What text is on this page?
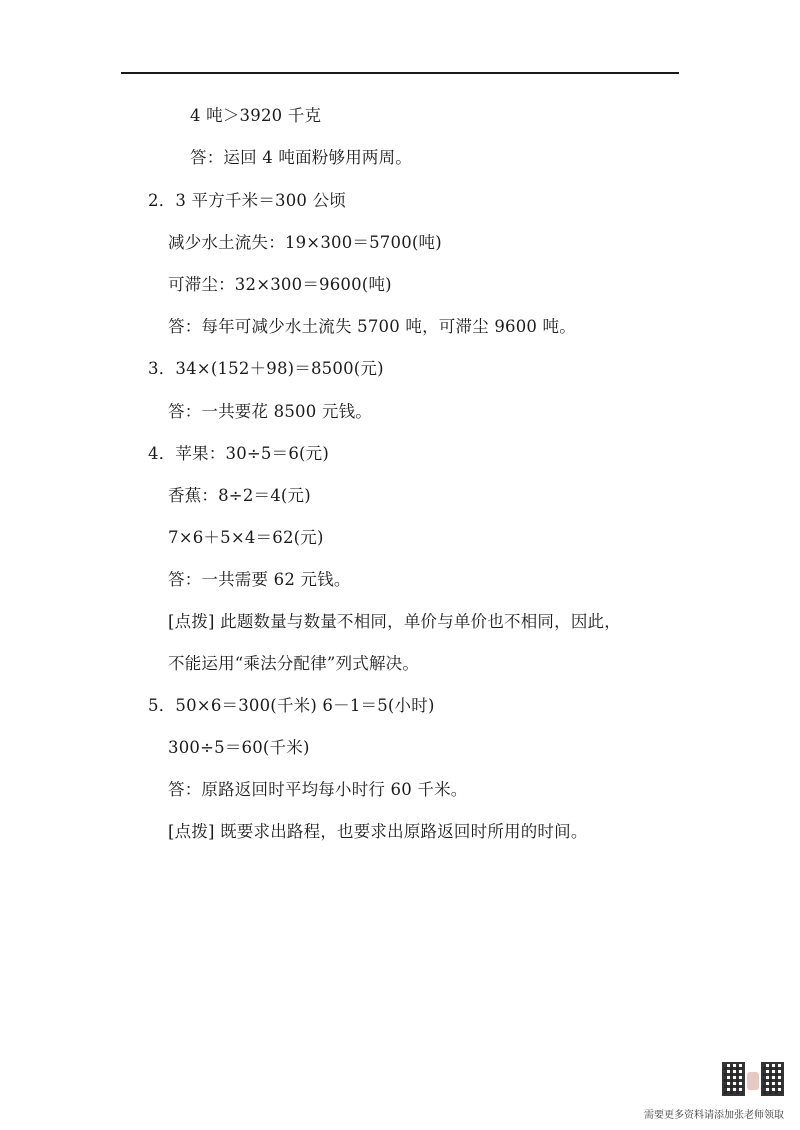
4 吨＞3920 千克
答：运回 4 吨面粉够用两周。
2．3 平方千米＝300 公顷
减少水土流失：19×300＝5700(吨)
可滞尘：32×300＝9600(吨)
答：每年可减少水土流失 5700 吨，可滞尘 9600 吨。
3．34×(152＋98)＝8500(元)
答：一共要花 8500 元钱。
4．苹果：30÷5＝6(元)
香蕉：8÷2＝4(元)
7×6＋5×4＝62(元)
答：一共需要 62 元钱。
[点拨] 此题数量与数量不相同，单价与单价也不相同，因此，
不能运用“乘法分配律”列式解决。
5．50×6＝300(千米) 6－1＝5(小时)
300÷5＝60(千米)
答：原路返回时平均每小时行 60 千米。
[点拨] 既要求出路程，也要求出原路返回时所用的时间。
需要更多资料请添加张老师领取
